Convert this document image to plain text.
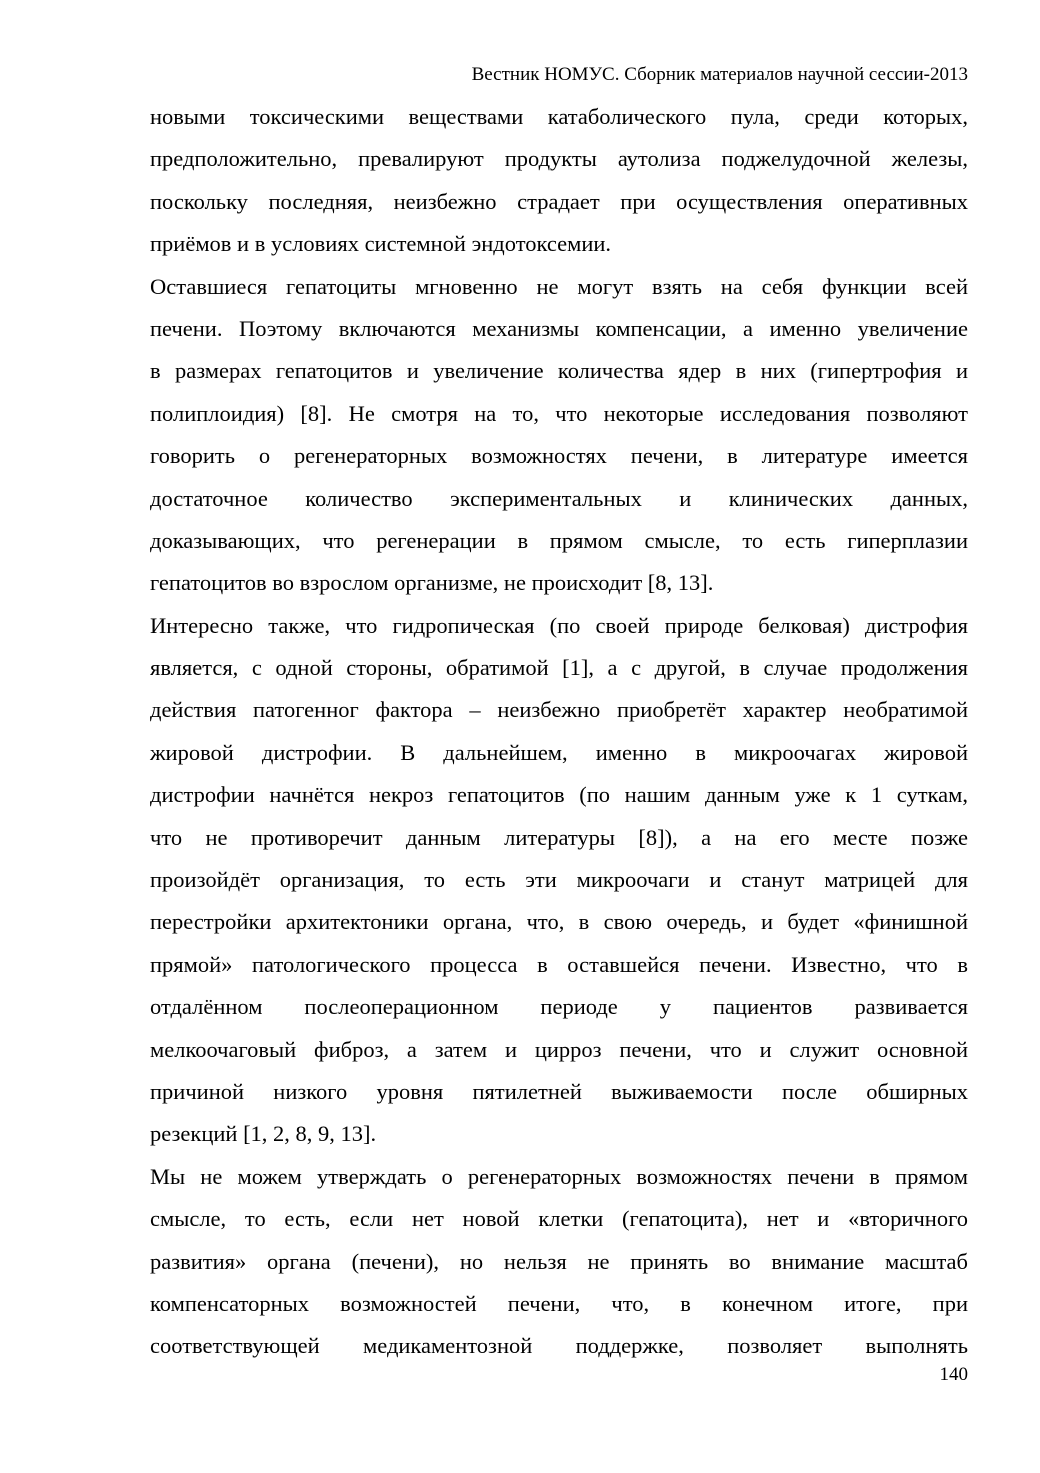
Вестник НОМУС. Сборник материалов научной сессии-2013
новыми токсическими веществами катаболического пула, среди которых,
предположительно, превалируют продукты аутолиза поджелудочной железы,
поскольку последняя, неизбежно страдает при осуществления оперативных
приёмов и в условиях системной эндотоксемии.
Оставшиеся гепатоциты мгновенно не могут взять на себя функции всей
печени. Поэтому включаются механизмы компенсации, а именно увеличение
в размерах гепатоцитов и увеличение количества ядер в них (гипертрофия и
полиплоидия) [8]. Не смотря на то, что некоторые исследования позволяют
говорить о регенераторных возможностях печени, в литературе имеется
достаточное количество экспериментальных и клинических данных,
доказывающих, что регенерации в прямом смысле, то есть гиперплазии
гепатоцитов во взрослом организме, не происходит [8, 13].
Интересно также, что гидропическая (по своей природе белковая) дистрофия
является, с одной стороны, обратимой [1], а с другой, в случае продолжения
действия патогенног фактора – неизбежно приобретёт характер необратимой
жировой дистрофии. В дальнейшем, именно в микроочагах жировой
дистрофии начнётся некроз гепатоцитов (по нашим данным уже к 1 суткам,
что не противоречит данным литературы [8]), а на его месте позже
произойдёт организация, то есть эти микроочаги и станут матрицей для
перестройки архитектоники органа, что, в свою очередь, и будет «финишной
прямой» патологического процесса в оставшейся печени. Известно, что в
отдалённом послеоперационном периоде у пациентов развивается
мелкоочаговый фиброз, а затем и цирроз печени, что и служит основной
причиной низкого уровня пятилетней выживаемости после обширных
резекций [1, 2, 8, 9, 13].
Мы не можем утверждать о регенераторных возможностях печени в прямом
смысле, то есть, если нет новой клетки (гепатоцита), нет и «вторичного
развития» органа (печени), но нельзя не принять во внимание масштаб
компенсаторных возможностей печени, что, в конечном итоге, при
соответствующей медикаментозной поддержке, позволяет выполнять
140
